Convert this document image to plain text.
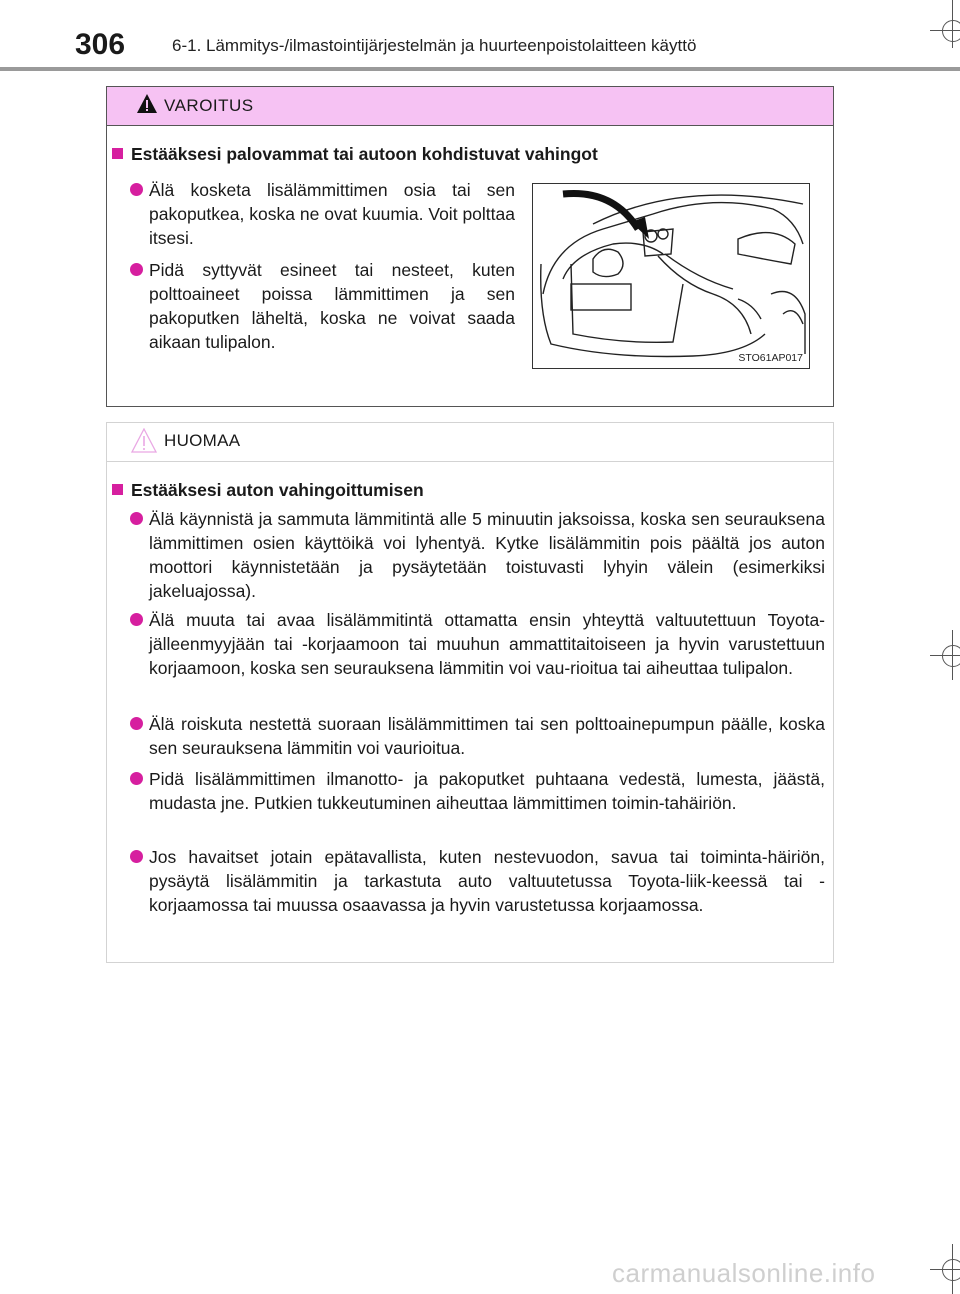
306	6-1. Lämmitys-/ilmastointijärjestelmän ja huurteenpoistolaitteen käyttö
VAROITUS
Estääksesi palovammat tai autoon kohdistuvat vahingot
Älä kosketa lisälämmittimen osia tai sen pakoputkea, koska ne ovat kuumia. Voit polttaa itsesi.
Pidä syttyvät esineet tai nesteet, kuten polttoaineet poissa lämmittimen ja sen pakoputken läheltä, koska ne voivat saada aikaan tulipalon.
STO61AP017
HUOMAA
Estääksesi auton vahingoittumisen
Älä käynnistä ja sammuta lämmitintä alle 5 minuutin jaksoissa, koska sen seurauksena lämmittimen osien käyttöikä voi lyhentyä. Kytke lisälämmitin pois päältä jos auton moottori käynnistetään ja pysäytetään toistuvasti lyhyin välein (esimerkiksi jakeluajossa).
Älä muuta tai avaa lisälämmitintä ottamatta ensin yhteyttä valtuutettuun Toyota-jälleenmyyjään tai -korjaamoon tai muuhun ammattitaitoiseen ja hyvin varustettuun korjaamoon, koska sen seurauksena lämmitin voi vau-rioitua tai aiheuttaa tulipalon.
Älä roiskuta nestettä suoraan lisälämmittimen tai sen polttoainepumpun päälle, koska sen seurauksena lämmitin voi vaurioitua.
Pidä lisälämmittimen ilmanotto- ja pakoputket puhtaana vedestä, lumesta, jäästä, mudasta jne. Putkien tukkeutuminen aiheuttaa lämmittimen toimin-tahäiriön.
Jos havaitset jotain epätavallista, kuten nestevuodon, savua tai toiminta-häiriön, pysäytä lisälämmitin ja tarkastuta auto valtuutetussa Toyota-liik-keessä tai -korjaamossa tai muussa osaavassa ja hyvin varustetussa korjaamossa.
carmanualsonline.info
